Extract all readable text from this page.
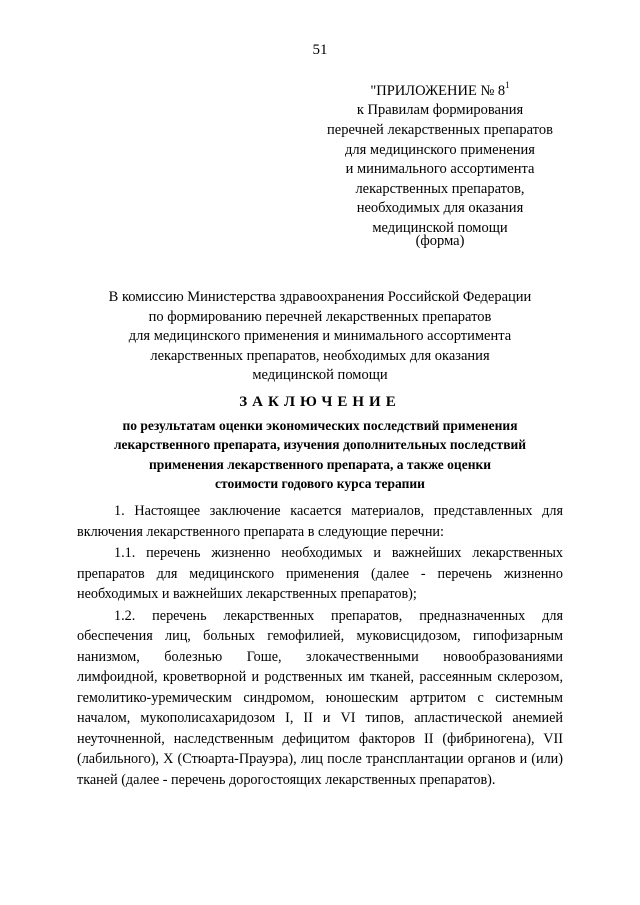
51
"ПРИЛОЖЕНИЕ № $8^1$
к Правилам формирования
перечней лекарственных препаратов
для медицинского применения
и минимального ассортимента
лекарственных препаратов,
необходимых для оказания
медицинской помощи
(форма)
В комиссию Министерства здравоохранения Российской Федерации
по формированию перечней лекарственных препаратов
для медицинского применения и минимального ассортимента
лекарственных препаратов, необходимых для оказания
медицинской помощи
ЗАКЛЮЧЕНИЕ
по результатам оценки экономических последствий применения
лекарственного препарата, изучения дополнительных последствий
применения лекарственного препарата, а также оценки
стоимости годового курса терапии

1. Настоящее заключение касается материалов, представленных для включения лекарственного препарата в следующие перечни:

1.1. перечень жизненно необходимых и важнейших лекарственных препаратов для медицинского применения (далее - перечень жизненно необходимых и важнейших лекарственных препаратов);

1.2. перечень лекарственных препаратов, предназначенных для обеспечения лиц, больных гемофилией, муковисцидозом, гипофизарным нанизмом, болезнью Гоше, злокачественными новообразованиями лимфоидной, кроветворной и родственных им тканей, рассеянным склерозом, гемолитико-уремическим синдромом, юношеским артритом с системным началом, мукополисахаридозом I, II и VI типов, апластической анемией неуточненной, наследственным дефицитом факторов II (фибриногена), VII (лабильного), X (Стюарта-Прауэра), лиц после трансплантации органов и (или) тканей (далее - перечень дорогостоящих лекарственных препаратов).
